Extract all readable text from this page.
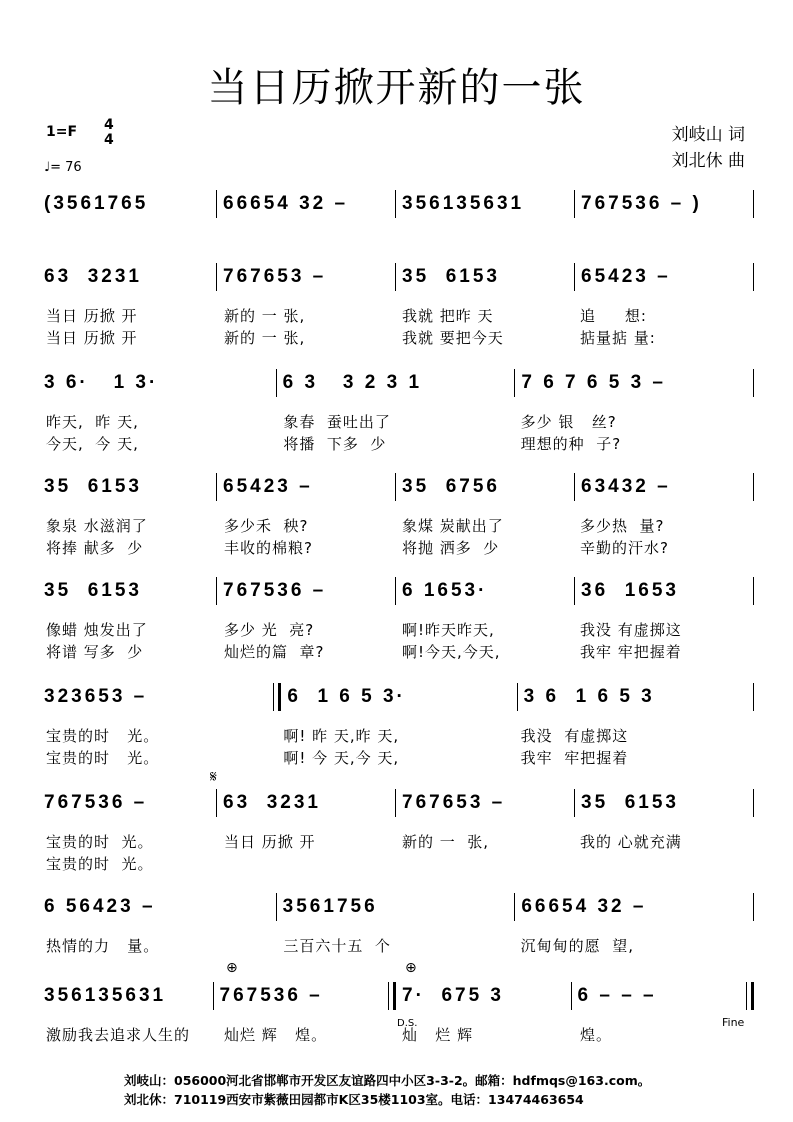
当日历掀开新的一张
1=F 4
4
♩= 76
刘岐山 词
刘北休 曲
(3561765	66654 32 –	356135631	767536 – )
63  3231	767653 –	35  6153	65423 –
当日 历掀 开	新的 一 张,	我就 把昨 天	追     想:
当日 历掀 开	新的 一 张,	我就 要把今天	掂量掂 量:
3 6·   1 3·	6 3   3 2 3 1	7 6 7 6 5 3 –
昨天,  昨 天,	象春  蚕吐出了	多少 银   丝?
今天,  今 天,	将播  下多  少	理想的种  子?
35  6153	65423 –	35  6756	63432 –
象泉 水滋润了	多少禾  秧?	象煤 炭献出了	多少热  量?
将捧 献多  少	丰收的棉粮?	将抛 洒多  少	辛勤的汗水?
35  6153	767536 –	6 1653·	36  1653
像蜡 烛发出了	多少 光  亮?	啊!昨天昨天,	我没 有虚掷这
将谱 写多  少	灿烂的篇  章?	啊!今天,今天,	我牢 牢把握着
323653 –	6  1 6 5 3·	3 6  1 6 5 3
宝贵的时   光。	啊! 昨 天,昨 天,	我没  有虚掷这
宝贵的时   光。	啊! 今 天,今 天,	我牢  牢把握着
767536 –	63  3231	767653 –	35  6153
宝贵的时  光。	当日 历掀 开	新的 一  张,	我的 心就充满
宝贵的时  光。
6 56423 –	3561756	66654 32 –
热情的力   量。	三百六十五  个	沉甸甸的愿  望,
356135631	767536 –	7·  675 3	6 – – –
激励我去追求人生的	灿烂 辉   煌。	灿   烂 辉	煌。
𝄋
⊕	⊕
D.S.	Fine
刘岐山：056000河北省邯郸市开发区友谊路四中小区3-3-2。邮箱：hdfmqs@163.com。
刘北休：710119西安市紫薇田园都市K区35楼1103室。电话：13474463654
